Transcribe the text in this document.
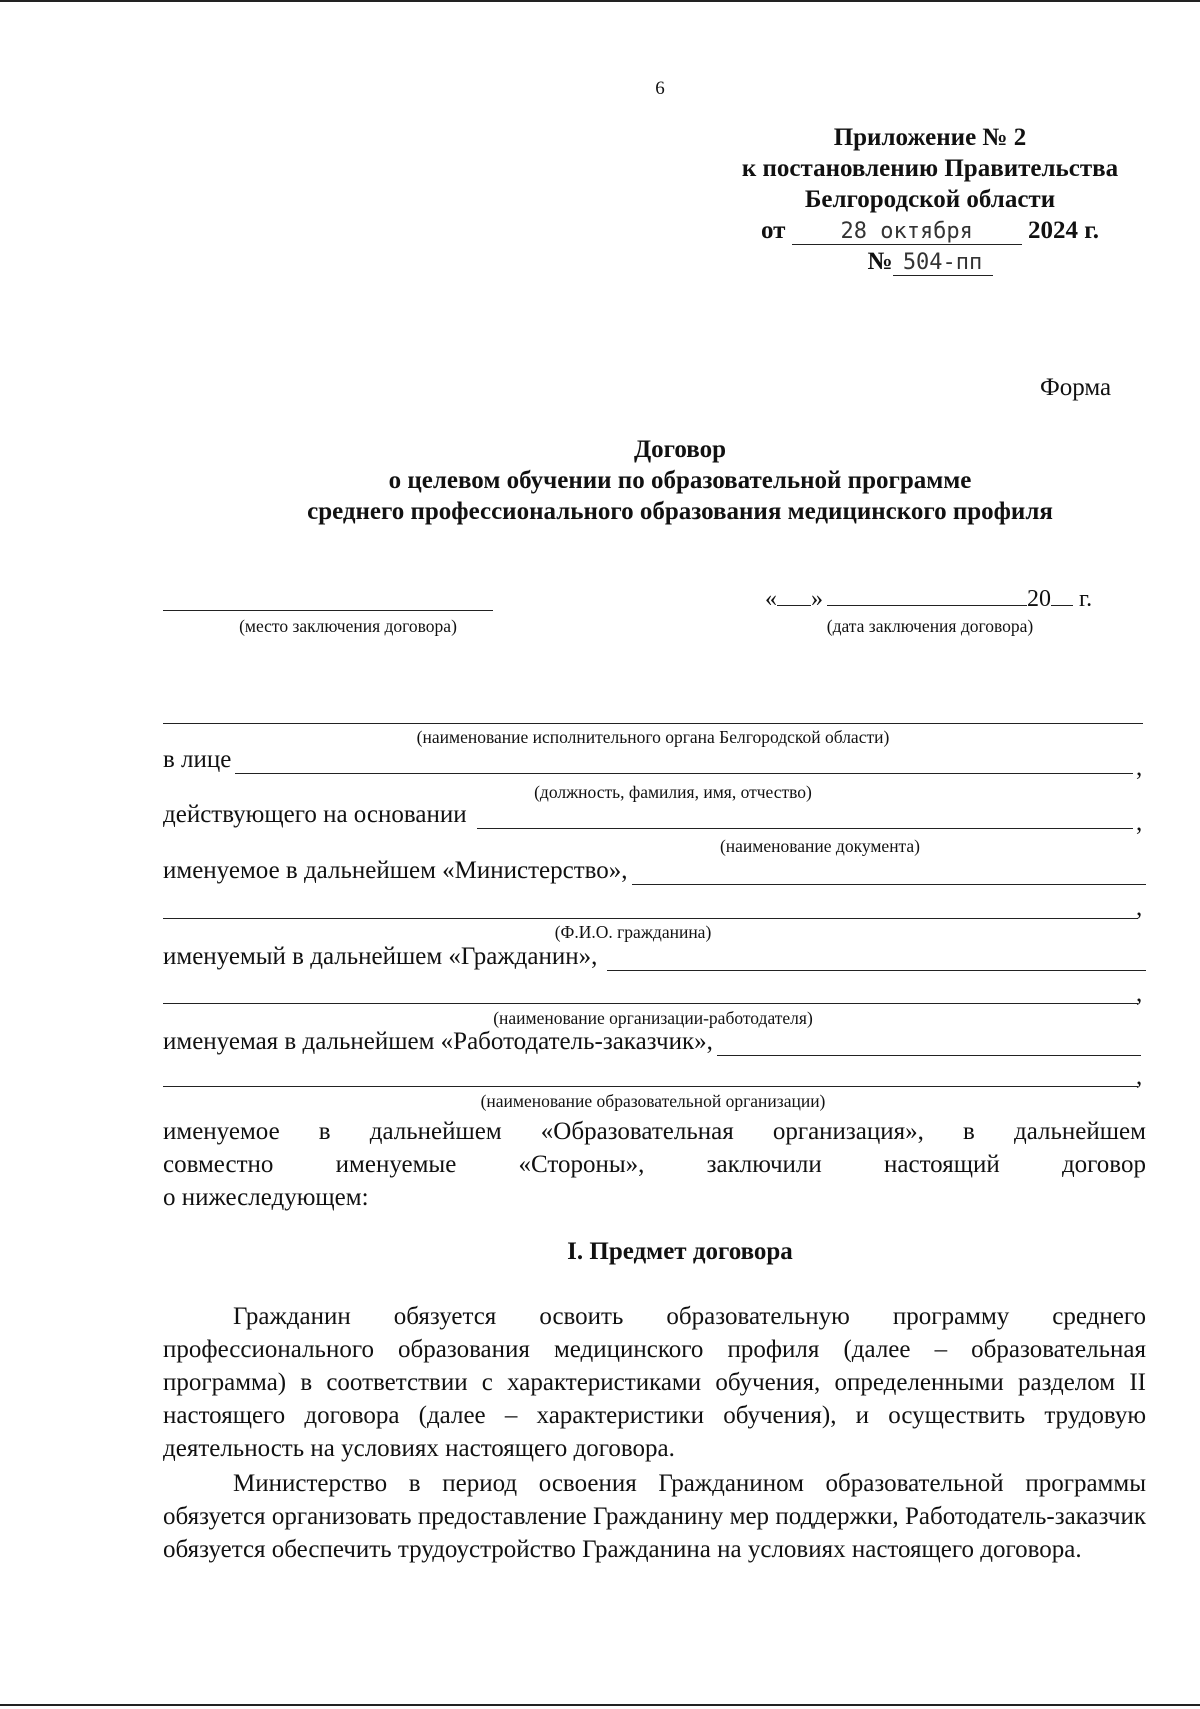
6
Приложение № 2
к постановлению Правительства
Белгородской области
от	28 октября 2024 г.
№ 504-пп
Форма
Договор
о целевом обучении по образовательной программе
среднего профессионального образования медицинского профиля
(место заключения договора)
« »	20 г.
(дата заключения договора)
(наименование исполнительного органа Белгородской области)
в лице	,
(должность, фамилия, имя, отчество)
действующего на основании	,
(наименование документа)
именуемое в дальнейшем «Министерство»,
,
(Ф.И.О. гражданина)
именуемый в дальнейшем «Гражданин»,
,
(наименование организации-работодателя)
именуемая в дальнейшем «Работодатель-заказчик»,
,
(наименование образовательной организации)
именуемое в дальнейшем «Образовательная организация», в дальнейшем
совместно именуемые «Стороны», заключили настоящий договор
о нижеследующем:
I. Предмет договора
Гражданин обязуется освоить образовательную программу среднего профессионального образования медицинского профиля (далее – образовательная программа) в соответствии с характеристиками обучения, определенными разделом II настоящего договора (далее – характеристики обучения), и осуществить трудовую деятельность на условиях настоящего договора.
Министерство в период освоения Гражданином образовательной программы обязуется организовать предоставление Гражданину мер поддержки, Работодатель-заказчик обязуется обеспечить трудоустройство Гражданина на условиях настоящего договора.
